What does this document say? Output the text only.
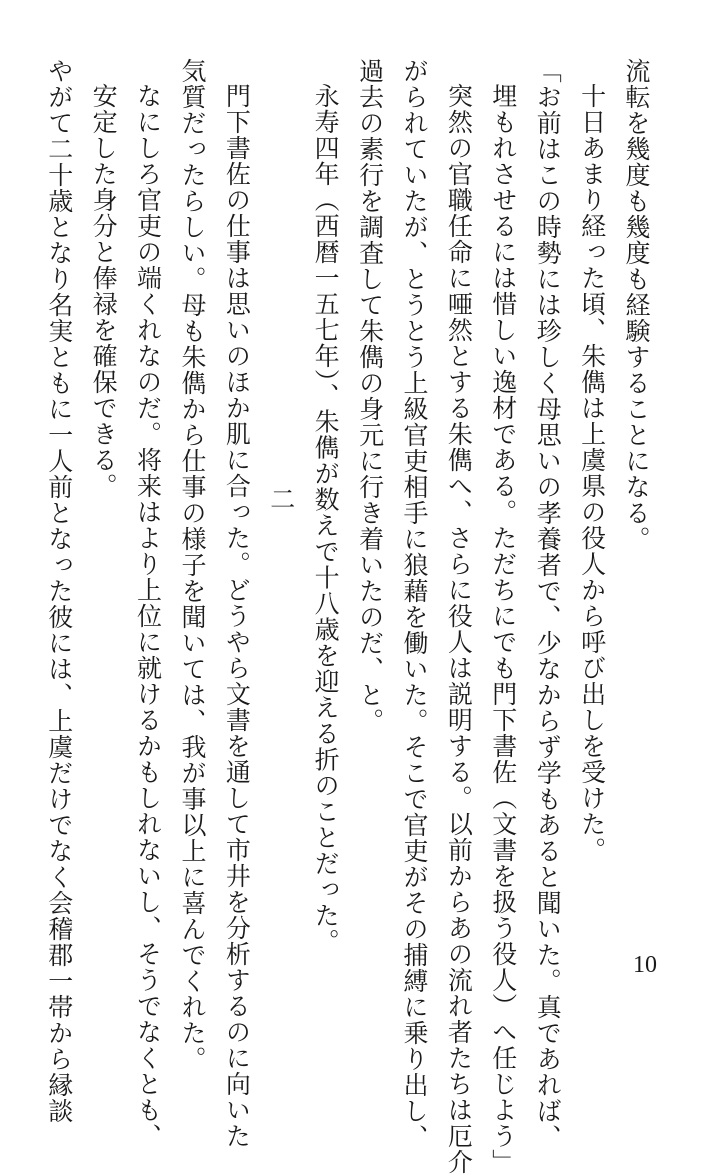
流転を幾度も幾度も経験することになる。
十日あまり経った頃、朱儁は上虞県の役人から呼び出しを受けた。
「お前はこの時勢には珍しく母思いの孝養者で、少なからず学もあると聞いた。真であれば、
埋もれさせるには惜しい逸材である。ただちにでも門下書佐（文書を扱う役人）へ任じよう」
突然の官職任命に唖然とする朱儁へ、さらに役人は説明する。以前からあの流れ者たちは厄介
がられていたが、とうとう上級官吏相手に狼藉を働いた。そこで官吏がその捕縛に乗り出し、
過去の素行を調査して朱儁の身元に行き着いたのだ、と。
永寿四年（西暦一五七年）、朱儁が数えで十八歳を迎える折のことだった。
二
門下書佐の仕事は思いのほか肌に合った。どうやら文書を通して市井を分析するのに向いた
気質だったらしい。母も朱儁から仕事の様子を聞いては、我が事以上に喜んでくれた。
なにしろ官吏の端くれなのだ。将来はより上位に就けるかもしれないし、そうでなくとも、
安定した身分と俸禄を確保できる。
やがて二十歳となり名実ともに一人前となった彼には、上虞だけでなく会稽郡一帯から縁談	10
